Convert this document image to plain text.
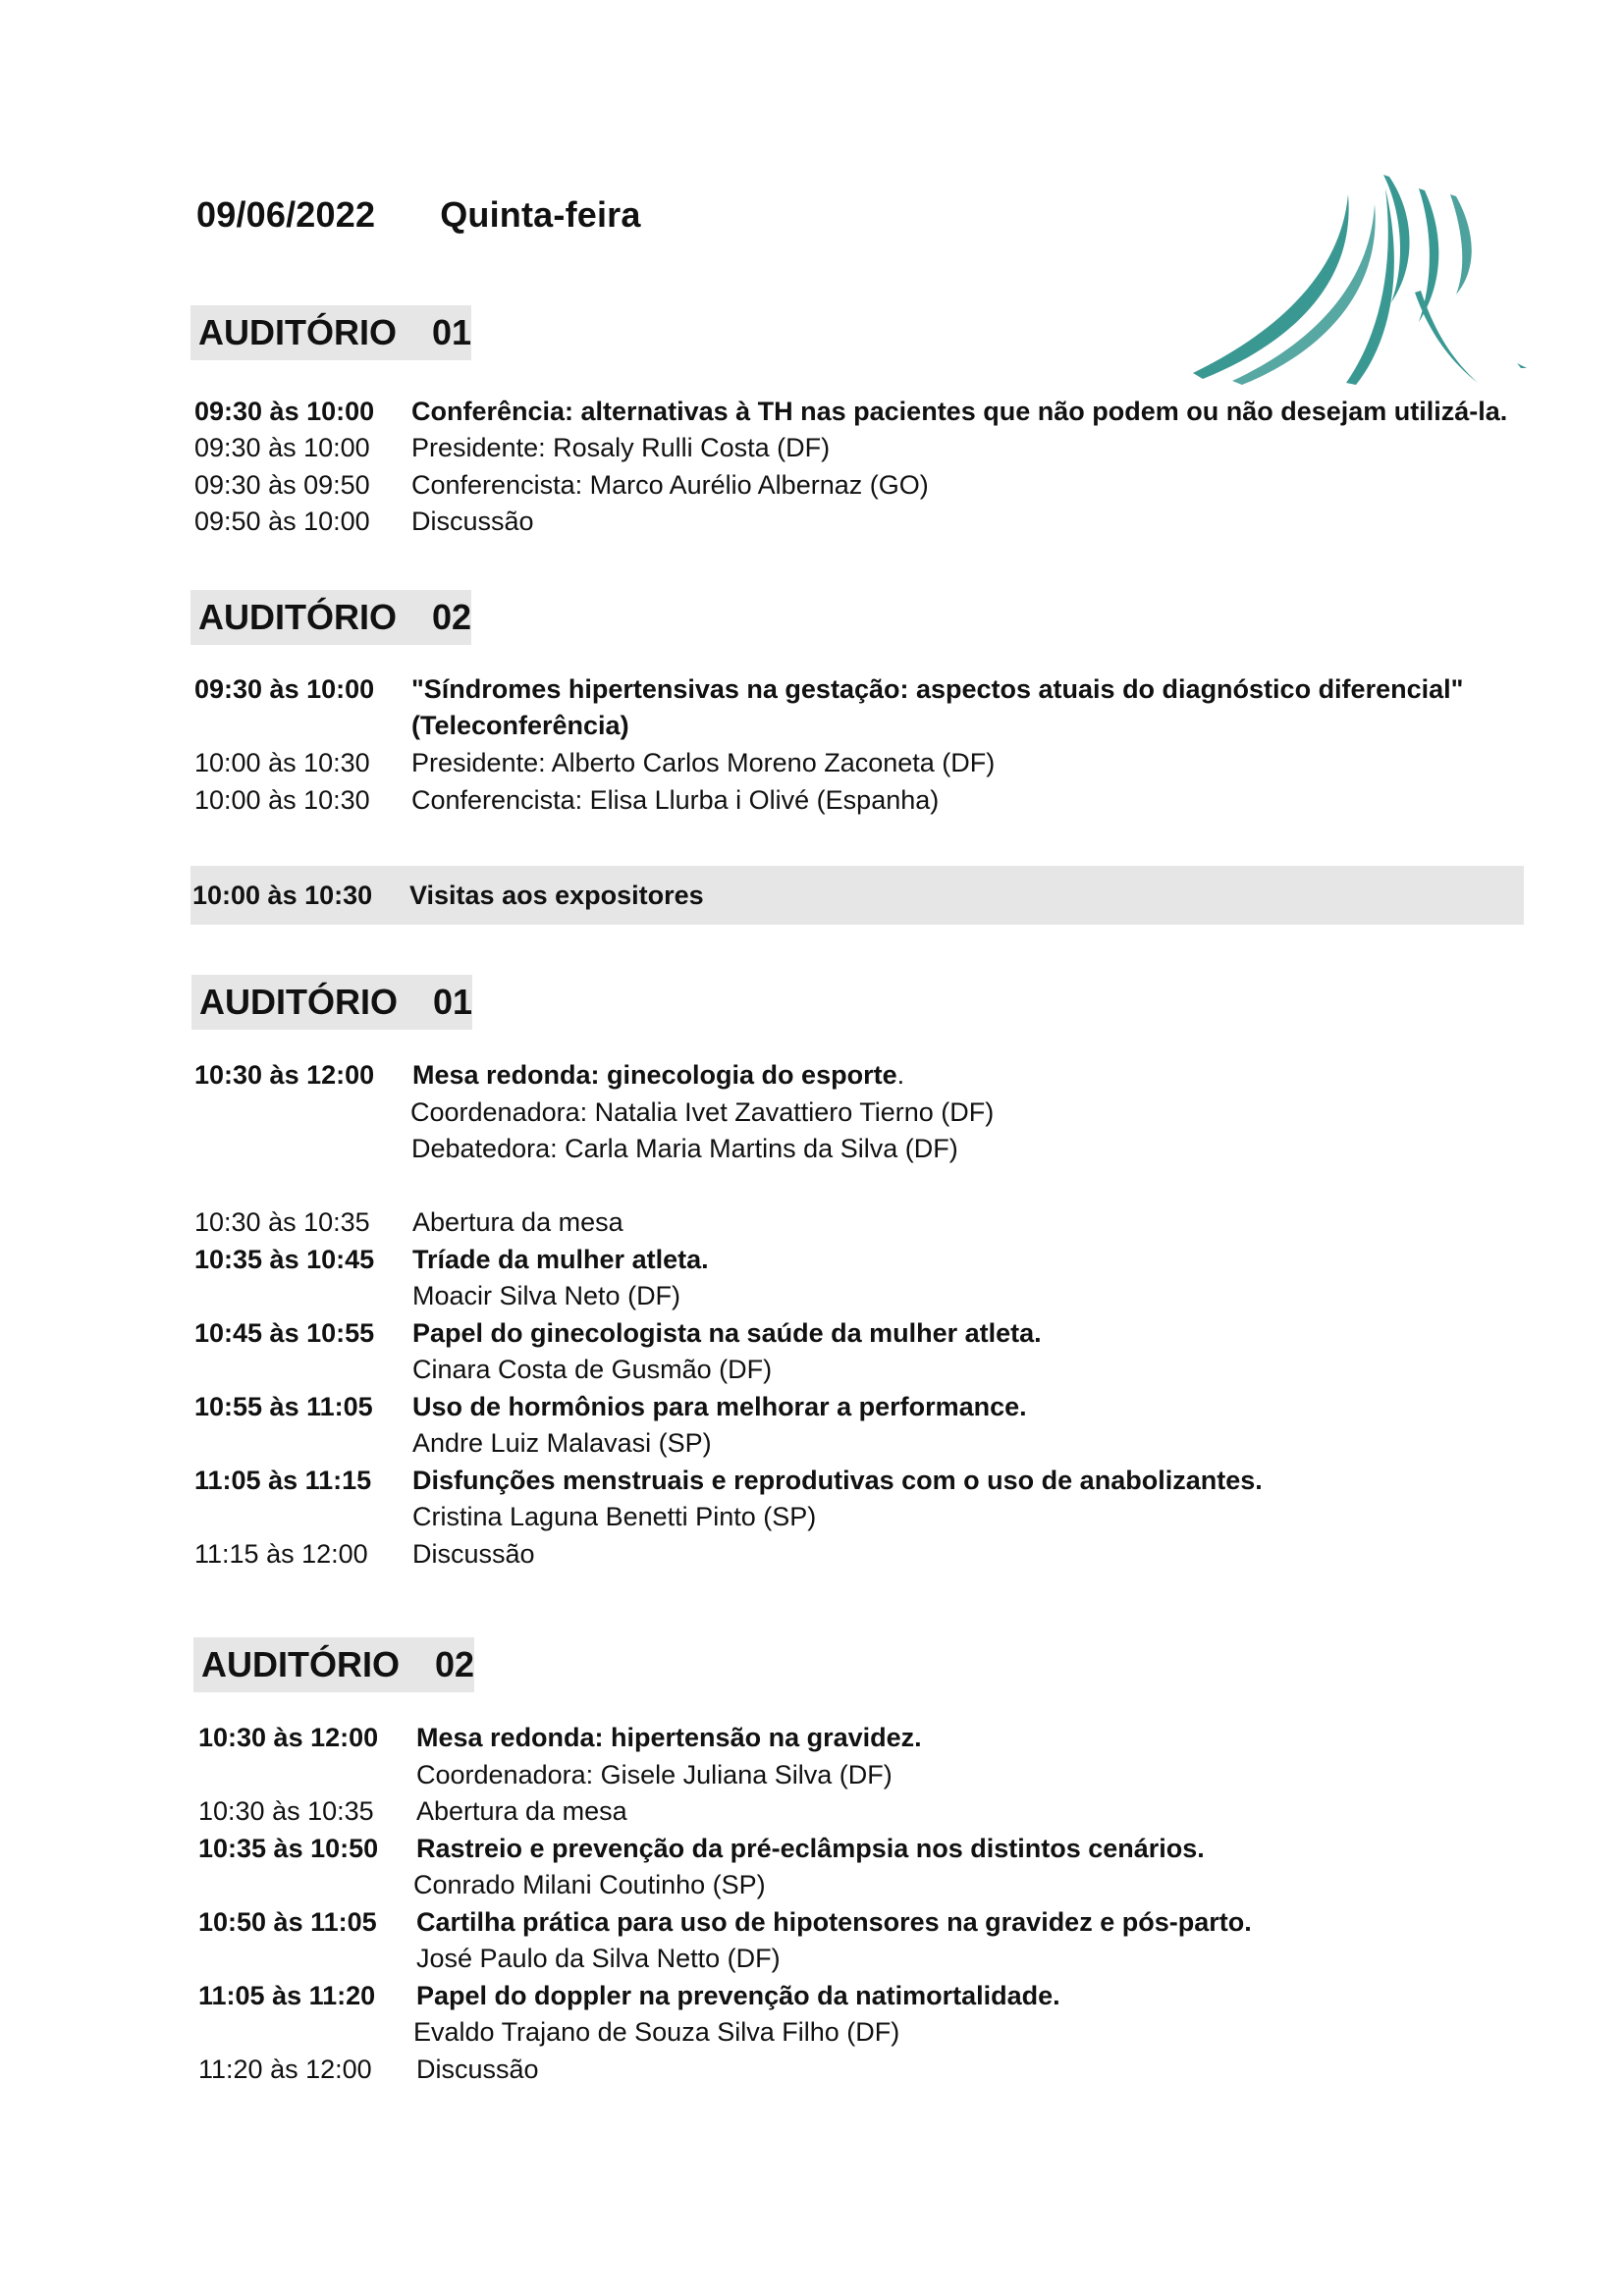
09/06/2022 Quinta-feira
AUDITÓRIO 01
09:30 às 10:00 Conferência: alternativas à TH nas pacientes que não podem ou não desejam utilizá-la.
09:30 às 10:00 Presidente: Rosaly Rulli Costa (DF)
09:30 às 09:50 Conferencista: Marco Aurélio Albernaz (GO)
09:50 às 10:00 Discussão
AUDITÓRIO 02
09:30 às 10:00 "Síndromes hipertensivas na gestação: aspectos atuais do diagnóstico diferencial"
(Teleconferência)
10:00 às 10:30 Presidente: Alberto Carlos Moreno Zaconeta (DF)
10:00 às 10:30 Conferencista: Elisa Llurba i Olivé (Espanha)
10:00 às 10:30 Visitas aos expositores
AUDITÓRIO 01
10:30 às 12:00 Mesa redonda: ginecologia do esporte.
Coordenadora: Natalia Ivet Zavattiero Tierno (DF)
Debatedora: Carla Maria Martins da Silva (DF)
10:30 às 10:35 Abertura da mesa
10:35 às 10:45 Tríade da mulher atleta.
Moacir Silva Neto (DF)
10:45 às 10:55 Papel do ginecologista na saúde da mulher atleta.
Cinara Costa de Gusmão (DF)
10:55 às 11:05 Uso de hormônios para melhorar a performance.
Andre Luiz Malavasi (SP)
11:05 às 11:15 Disfunções menstruais e reprodutivas com o uso de anabolizantes.
Cristina Laguna Benetti Pinto (SP)
11:15 às 12:00 Discussão
AUDITÓRIO 02
10:30 às 12:00 Mesa redonda: hipertensão na gravidez.
Coordenadora: Gisele Juliana Silva (DF)
10:30 às 10:35 Abertura da mesa
10:35 às 10:50 Rastreio e prevenção da pré-eclâmpsia nos distintos cenários.
Conrado Milani Coutinho (SP)
10:50 às 11:05 Cartilha prática para uso de hipotensores na gravidez e pós-parto.
José Paulo da Silva Netto (DF)
11:05 às 11:20 Papel do doppler na prevenção da natimortalidade.
Evaldo Trajano de Souza Silva Filho (DF)
11:20 às 12:00 Discussão
